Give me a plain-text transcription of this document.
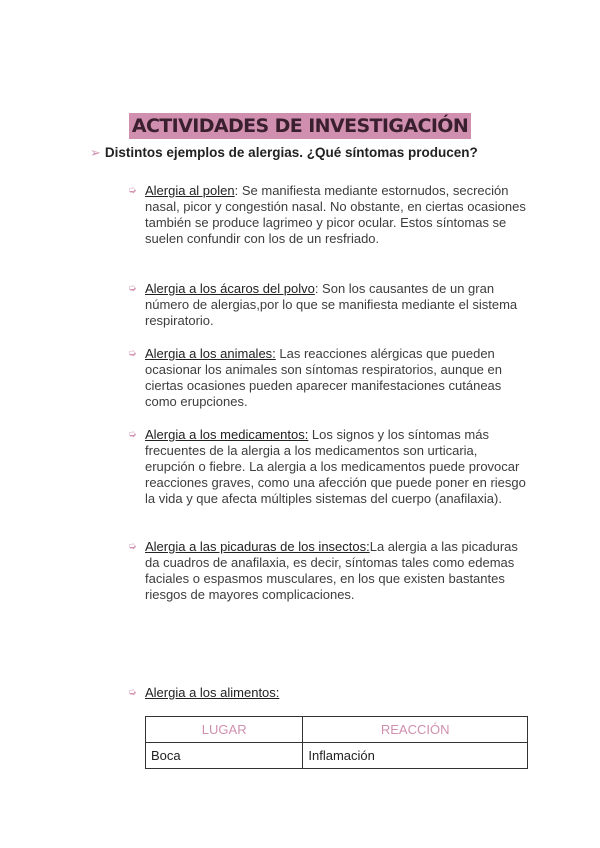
ACTIVIDADES DE INVESTIGACIÓN
➢ Distintos ejemplos de alergias. ¿Qué síntomas producen?
➭ Alergia al polen: Se manifiesta mediante estornudos, secreción nasal, picor y congestión nasal. No obstante, en ciertas ocasiones también se produce lagrimeo y picor ocular. Estos síntomas se suelen confundir con los de un resfriado.
➭ Alergia a los ácaros del polvo: Son los causantes de un gran número de alergias,por lo que se manifiesta mediante el sistema respiratorio.
➭ Alergia a los animales: Las reacciones alérgicas que pueden ocasionar los animales son síntomas respiratorios, aunque en ciertas ocasiones pueden aparecer manifestaciones cutáneas como erupciones.
➭ Alergia a los medicamentos: Los signos y los síntomas más frecuentes de la alergia a los medicamentos son urticaria, erupción o fiebre. La alergia a los medicamentos puede provocar reacciones graves, como una afección que puede poner en riesgo la vida y que afecta múltiples sistemas del cuerpo (anafilaxia).
➭ Alergia a las picaduras de los insectos:La alergia a las picaduras da cuadros de anafilaxia, es decir, síntomas tales como edemas faciales o espasmos musculares, en los que existen bastantes riesgos de mayores complicaciones.
➭ Alergia a los alimentos:
LUGAR	REACCIÓN
Boca	Inflamación
